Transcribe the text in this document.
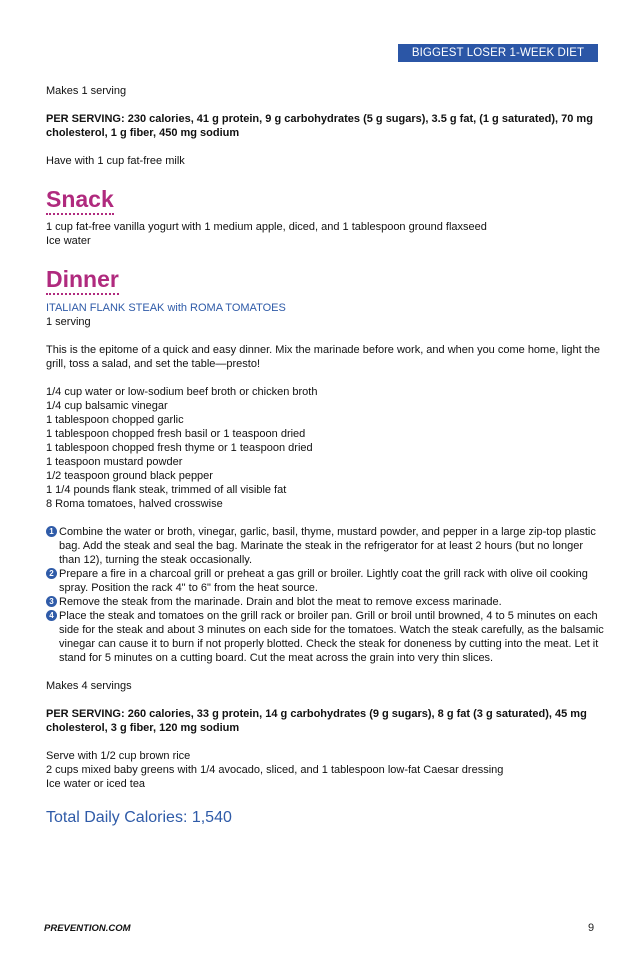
BIGGEST LOSER 1-WEEK DIET PLAN

Makes 1 serving

PER SERVING: 230 calories, 41 g protein, 9 g carbohydrates (5 g sugars), 3.5 g fat, (1 g saturated), 70 mg cholesterol, 1 g fiber, 450 mg sodium

Have with 1 cup fat-free milk

Snack

1 cup fat-free vanilla yogurt with 1 medium apple, diced, and 1 tablespoon ground flaxseed

Ice water

Dinner

ITALIAN FLANK STEAK with ROMA TOMATOES

1 serving

This is the epitome of a quick and easy dinner. Mix the marinade before work, and when you come home, light the grill, toss a salad, and set the table—presto!

1/4 cup water or low-sodium beef broth or chicken broth

1/4 cup balsamic vinegar

1 tablespoon chopped garlic

1 tablespoon chopped fresh basil or 1 teaspoon dried

1 tablespoon chopped fresh thyme or 1 teaspoon dried

1 teaspoon mustard powder

1/2 teaspoon ground black pepper

1 1/4 pounds flank steak, trimmed of all visible fat

8 Roma tomatoes, halved crosswise

1 Combine the water or broth, vinegar, garlic, basil, thyme, mustard powder, and pepper in a large zip-top plastic bag. Add the steak and seal the bag. Marinate the steak in the refrigerator for at least 2 hours (but no longer than 12), turning the steak occasionally.
2 Prepare a fire in a charcoal grill or preheat a gas grill or broiler. Lightly coat the grill rack with olive oil cooking spray. Position the rack 4" to 6" from the heat source.
3 Remove the steak from the marinade. Drain and blot the meat to remove excess marinade.
4 Place the steak and tomatoes on the grill rack or broiler pan. Grill or broil until browned, 4 to 5 minutes on each side for the steak and about 3 minutes on each side for the tomatoes. Watch the steak carefully, as the balsamic vinegar can cause it to burn if not properly blotted. Check the steak for doneness by cutting into the meat. Let it stand for 5 minutes on a cutting board. Cut the meat across the grain into very thin slices.

Makes 4 servings

PER SERVING: 260 calories, 33 g protein, 14 g carbohydrates (9 g sugars), 8 g fat (3 g saturated), 45 mg cholesterol, 3 g fiber, 120 mg sodium

Serve with 1/2 cup brown rice

2 cups mixed baby greens with 1/4 avocado, sliced, and 1 tablespoon low-fat Caesar dressing

Ice water or iced tea

Total Daily Calories: 1,540

PREVENTION.COM	9
